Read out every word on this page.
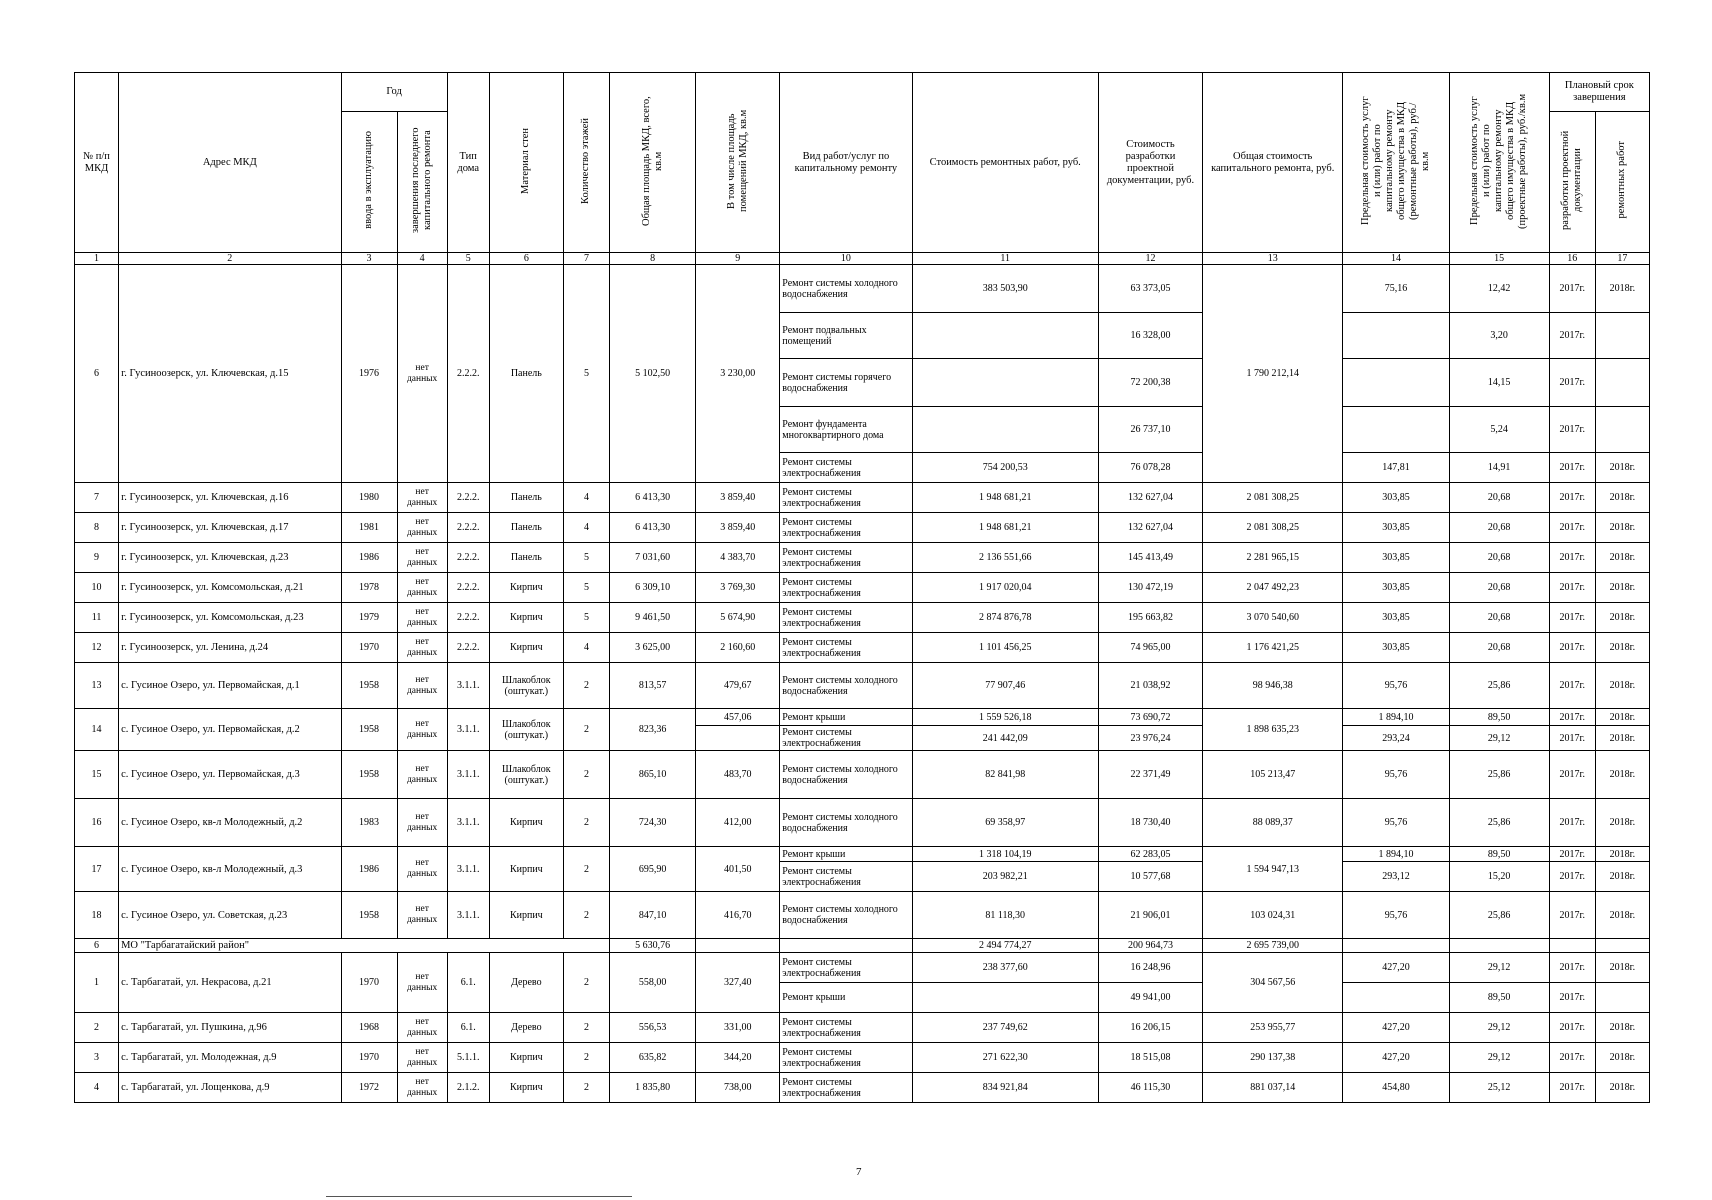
№ п/п МКД	Адрес МКД	Год		Тип дома	Материал стен	Количество этажей	Общая площадь МКД, всего, кв.м	В том числе площадь помещений МКД, кв.м	Вид работ/услуг по капитальному ремонту	Стоимость ремонтных работ, руб.	Стоимость разработки проектной документации, руб.	Общая стоимость капитального ремонта, руб.	Предельная стоимость услуг и (или) работ по капитальному ремонту общего имущества в МКД (ремонтные работы), руб./кв.м	Предельная стоимость услуг и (или) работ по капитальному ремонту общего имущества в МКД (проектные работы), руб./кв.м	Плановый срок завершения	
		ввода в эксплуатацию	завершения последнего капитального ремонта												разработки проектной документации	ремонтных работ
1	2	3	4	5	6	7	8	9	10	11	12	13	14	15	16	17
6	г. Гусиноозерск, ул. Ключевская, д.15	1976	нет данных	2.2.2.	Панель	5	5 102,50	3 230,00	Ремонт системы холодного водоснабжения	383 503,90	63 373,05	1 790 212,14	75,16	12,42	2017г.	2018г.
									Ремонт подвальных помещений		16 328,00			3,20	2017г.	
									Ремонт системы горячего водоснабжения		72 200,38			14,15	2017г.	
									Ремонт фундамента многоквартирного дома		26 737,10			5,24	2017г.	
									Ремонт системы электроснабжения	754 200,53	76 078,28		147,81	14,91	2017г.	2018г.
7	г. Гусиноозерск, ул. Ключевская, д.16	1980	нет данных	2.2.2.	Панель	4	6 413,30	3 859,40	Ремонт системы электроснабжения	1 948 681,21	132 627,04	2 081 308,25	303,85	20,68	2017г.	2018г.
8	г. Гусиноозерск, ул. Ключевская, д.17	1981	нет данных	2.2.2.	Панель	4	6 413,30	3 859,40	Ремонт системы электроснабжения	1 948 681,21	132 627,04	2 081 308,25	303,85	20,68	2017г.	2018г.
9	г. Гусиноозерск, ул. Ключевская, д.23	1986	нет данных	2.2.2.	Панель	5	7 031,60	4 383,70	Ремонт системы электроснабжения	2 136 551,66	145 413,49	2 281 965,15	303,85	20,68	2017г.	2018г.
10	г. Гусиноозерск, ул. Комсомольская, д.21	1978	нет данных	2.2.2.	Кирпич	5	6 309,10	3 769,30	Ремонт системы электроснабжения	1 917 020,04	130 472,19	2 047 492,23	303,85	20,68	2017г.	2018г.
11	г. Гусиноозерск, ул. Комсомольская, д.23	1979	нет данных	2.2.2.	Кирпич	5	9 461,50	5 674,90	Ремонт системы электроснабжения	2 874 876,78	195 663,82	3 070 540,60	303,85	20,68	2017г.	2018г.
12	г. Гусиноозерск, ул. Ленина, д.24	1970	нет данных	2.2.2.	Кирпич	4	3 625,00	2 160,60	Ремонт системы электроснабжения	1 101 456,25	74 965,00	1 176 421,25	303,85	20,68	2017г.	2018г.
13	с. Гусиное Озеро, ул. Первомайская, д.1	1958	нет данных	3.1.1.	Шлакоблок (оштукат.)	2	813,57	479,67	Ремонт системы холодного водоснабжения	77 907,46	21 038,92	98 946,38	95,76	25,86	2017г.	2018г.
14	с. Гусиное Озеро, ул. Первомайская, д.2	1958	нет данных	3.1.1.	Шлакоблок (оштукат.)	2	823,36	457,06	Ремонт крыши	1 559 526,18	73 690,72	1 898 635,23	1 894,10	89,50	2017г.	2018г.
									Ремонт системы электроснабжения	241 442,09	23 976,24		293,24	29,12	2017г.	2018г.
15	с. Гусиное Озеро, ул. Первомайская, д.3	1958	нет данных	3.1.1.	Шлакоблок (оштукат.)	2	865,10	483,70	Ремонт системы холодного водоснабжения	82 841,98	22 371,49	105 213,47	95,76	25,86	2017г.	2018г.
16	с. Гусиное Озеро, кв-л Молодежный, д.2	1983	нет данных	3.1.1.	Кирпич	2	724,30	412,00	Ремонт системы холодного водоснабжения	69 358,97	18 730,40	88 089,37	95,76	25,86	2017г.	2018г.
17	с. Гусиное Озеро, кв-л Молодежный, д.3	1986	нет данных	3.1.1.	Кирпич	2	695,90	401,50	Ремонт крыши	1 318 104,19	62 283,05	1 594 947,13	1 894,10	89,50	2017г.	2018г.
									Ремонт системы электроснабжения	203 982,21	10 577,68		293,12	15,20	2017г.	2018г.
18	с. Гусиное Озеро, ул. Советская, д.23	1958	нет данных	3.1.1.	Кирпич	2	847,10	416,70	Ремонт системы холодного водоснабжения	81 118,30	21 906,01	103 024,31	95,76	25,86	2017г.	2018г.
6	МО "Тарбагатайский район"						5 630,76			2 494 774,27	200 964,73	2 695 739,00				
1	с. Тарбагатай, ул. Некрасова, д.21	1970	нет данных	6.1.	Дерево	2	558,00	327,40	Ремонт системы электроснабжения	238 377,60	16 248,96	304 567,56	427,20	29,12	2017г.	2018г.
									Ремонт крыши		49 941,00			89,50	2017г.	
2	с. Тарбагатай, ул. Пушкина, д.96	1968	нет данных	6.1.	Дерево	2	556,53	331,00	Ремонт системы электроснабжения	237 749,62	16 206,15	253 955,77	427,20	29,12	2017г.	2018г.
3	с. Тарбагатай, ул. Молодежная, д.9	1970	нет данных	5.1.1.	Кирпич	2	635,82	344,20	Ремонт системы электроснабжения	271 622,30	18 515,08	290 137,38	427,20	29,12	2017г.	2018г.
4	с. Тарбагатай, ул. Лощенкова, д.9	1972	нет данных	2.1.2.	Кирпич	2	1 835,80	738,00	Ремонт системы электроснабжения	834 921,84	46 115,30	881 037,14	454,80	25,12	2017г.	2018г.
7
